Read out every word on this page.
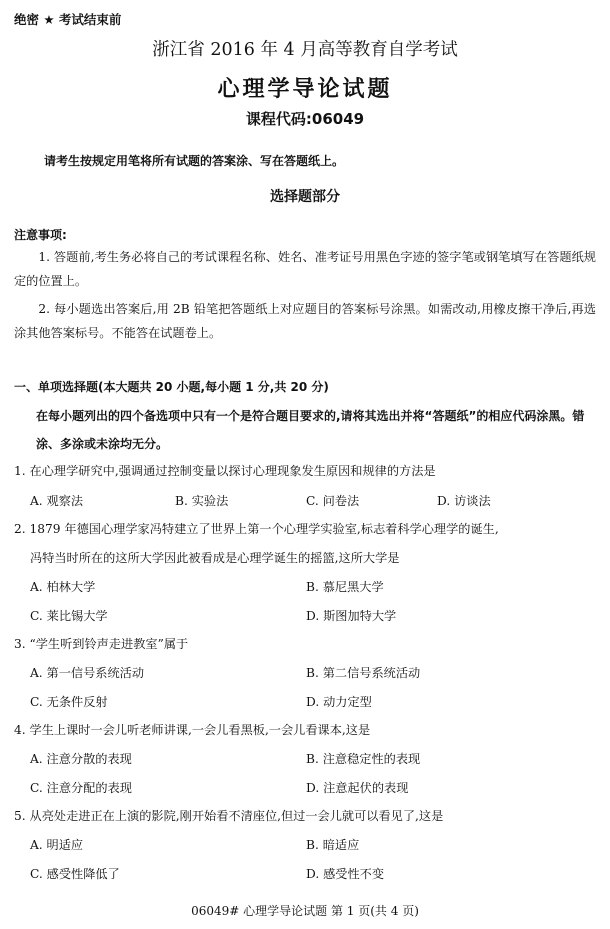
绝密 ★ 考试结束前
浙江省 2016 年 4 月高等教育自学考试
心理学导论试题
课程代码:06049
请考生按规定用笔将所有试题的答案涂、写在答题纸上。
选择题部分
注意事项:
1. 答题前,考生务必将自己的考试课程名称、姓名、准考证号用黑色字迹的签字笔或钢笔填写在答题纸规定的位置上。
2. 每小题选出答案后,用 2B 铅笔把答题纸上对应题目的答案标号涂黑。如需改动,用橡皮擦干净后,再选涂其他答案标号。不能答在试题卷上。
一、单项选择题(本大题共 20 小题,每小题 1 分,共 20 分)
在每小题列出的四个备选项中只有一个是符合题目要求的,请将其选出并将“答题纸”的相应代码涂黑。错涂、多涂或未涂均无分。
1. 在心理学研究中,强调通过控制变量以探讨心理现象发生原因和规律的方法是
A. 观察法	B. 实验法	C. 问卷法	D. 访谈法
2. 1879 年德国心理学家冯特建立了世界上第一个心理学实验室,标志着科学心理学的诞生,
冯特当时所在的这所大学因此被看成是心理学诞生的摇篮,这所大学是
A. 柏林大学	B. 慕尼黑大学
C. 莱比锡大学	D. 斯图加特大学
3. “学生听到铃声走进教室”属于
A. 第一信号系统活动	B. 第二信号系统活动
C. 无条件反射	D. 动力定型
4. 学生上课时一会儿听老师讲课,一会儿看黑板,一会儿看课本,这是
A. 注意分散的表现	B. 注意稳定性的表现
C. 注意分配的表现	D. 注意起伏的表现
5. 从亮处走进正在上演的影院,刚开始看不清座位,但过一会儿就可以看见了,这是
A. 明适应	B. 暗适应
C. 感受性降低了	D. 感受性不变
06049# 心理学导论试题 第 1 页(共 4 页)
